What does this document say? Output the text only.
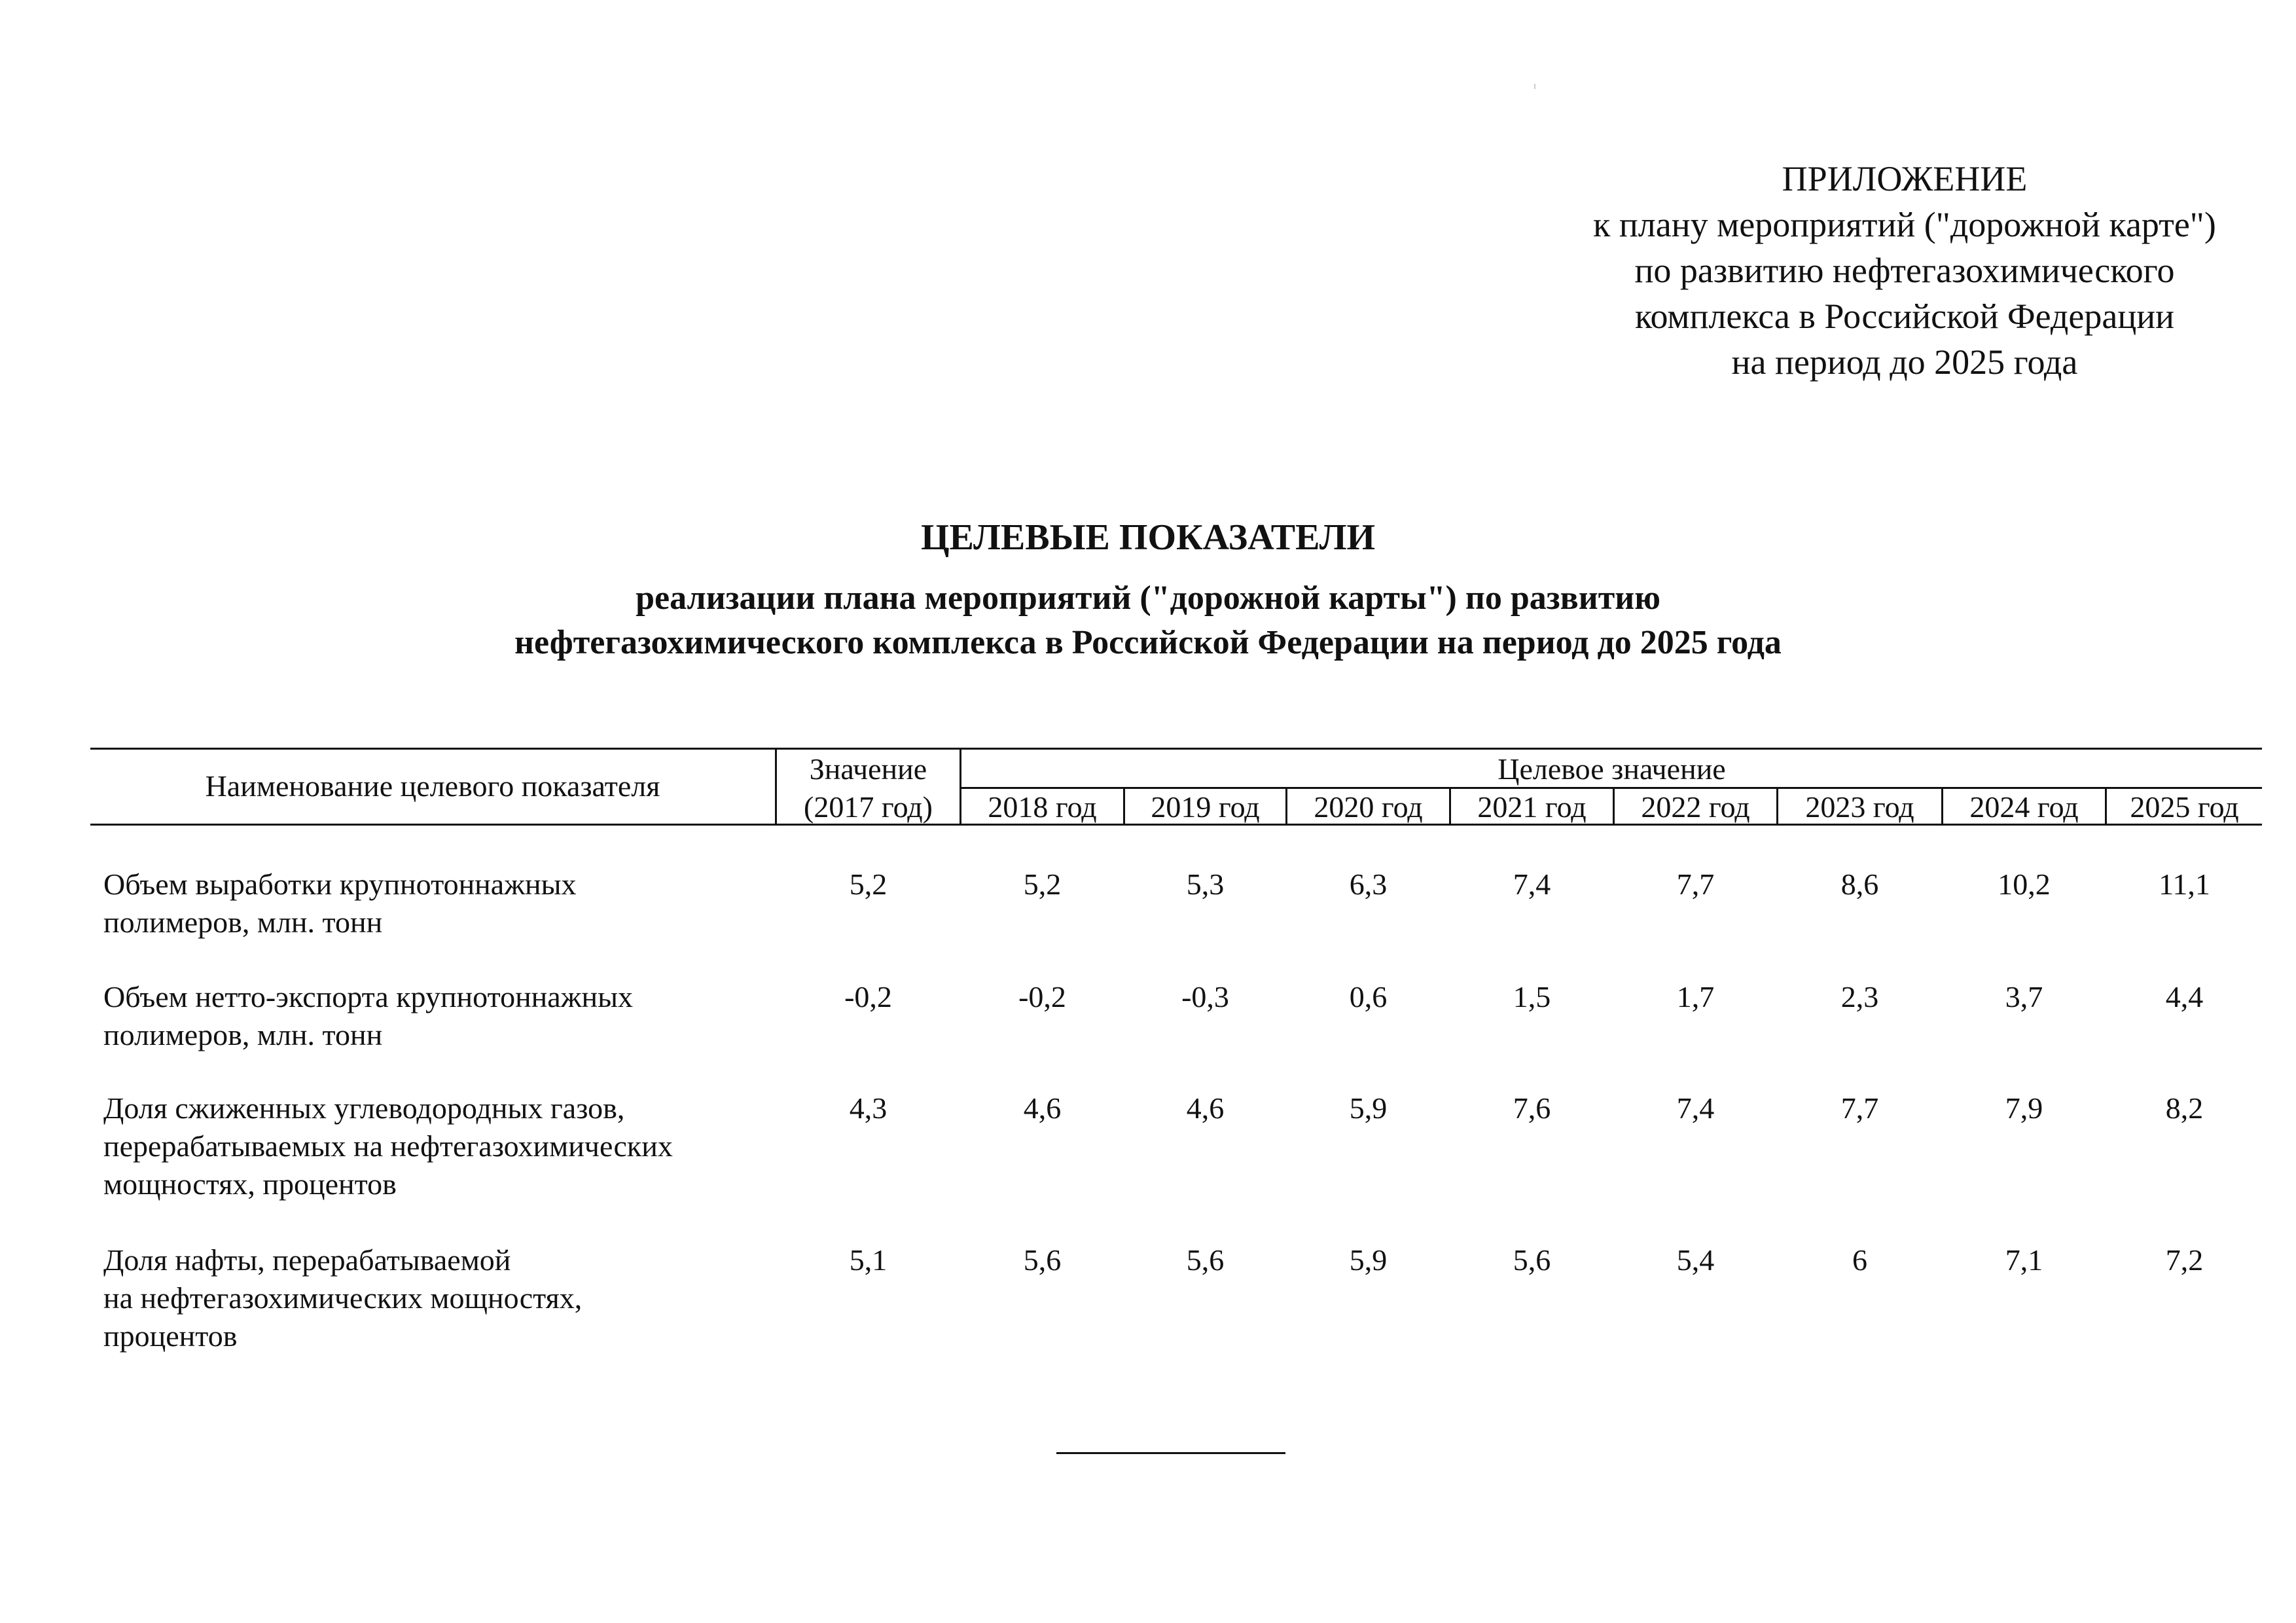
ПРИЛОЖЕНИЕ
к плану мероприятий ("дорожной карте")
по развитию нефтегазохимического
комплекса в Российской Федерации
на период до 2025 года
ЦЕЛЕВЫЕ ПОКАЗАТЕЛИ
реализации плана мероприятий ("дорожной карты") по развитию
нефтегазохимического комплекса в Российской Федерации на период до 2025 года
Наименование целевого показателя
Значение
(2017 год)
Целевое значение
2018 год	2019 год	2020 год	2021 год	2022 год	2023 год	2024 год	2025 год
Объем выработки крупнотоннажных
полимеров, млн. тонн
5,2	5,2	5,3	6,3	7,4	7,7	8,6	10,2	11,1
Объем нетто-экспорта крупнотоннажных
полимеров, млн. тонн
-0,2	-0,2	-0,3	0,6	1,5	1,7	2,3	3,7	4,4
Доля сжиженных углеводородных газов,
перерабатываемых на нефтегазохимических
мощностях, процентов
4,3	4,6	4,6	5,9	7,6	7,4	7,7	7,9	8,2
Доля нафты, перерабатываемой
на нефтегазохимических мощностях,
процентов
5,1	5,6	5,6	5,9	5,6	5,4	6	7,1	7,2
